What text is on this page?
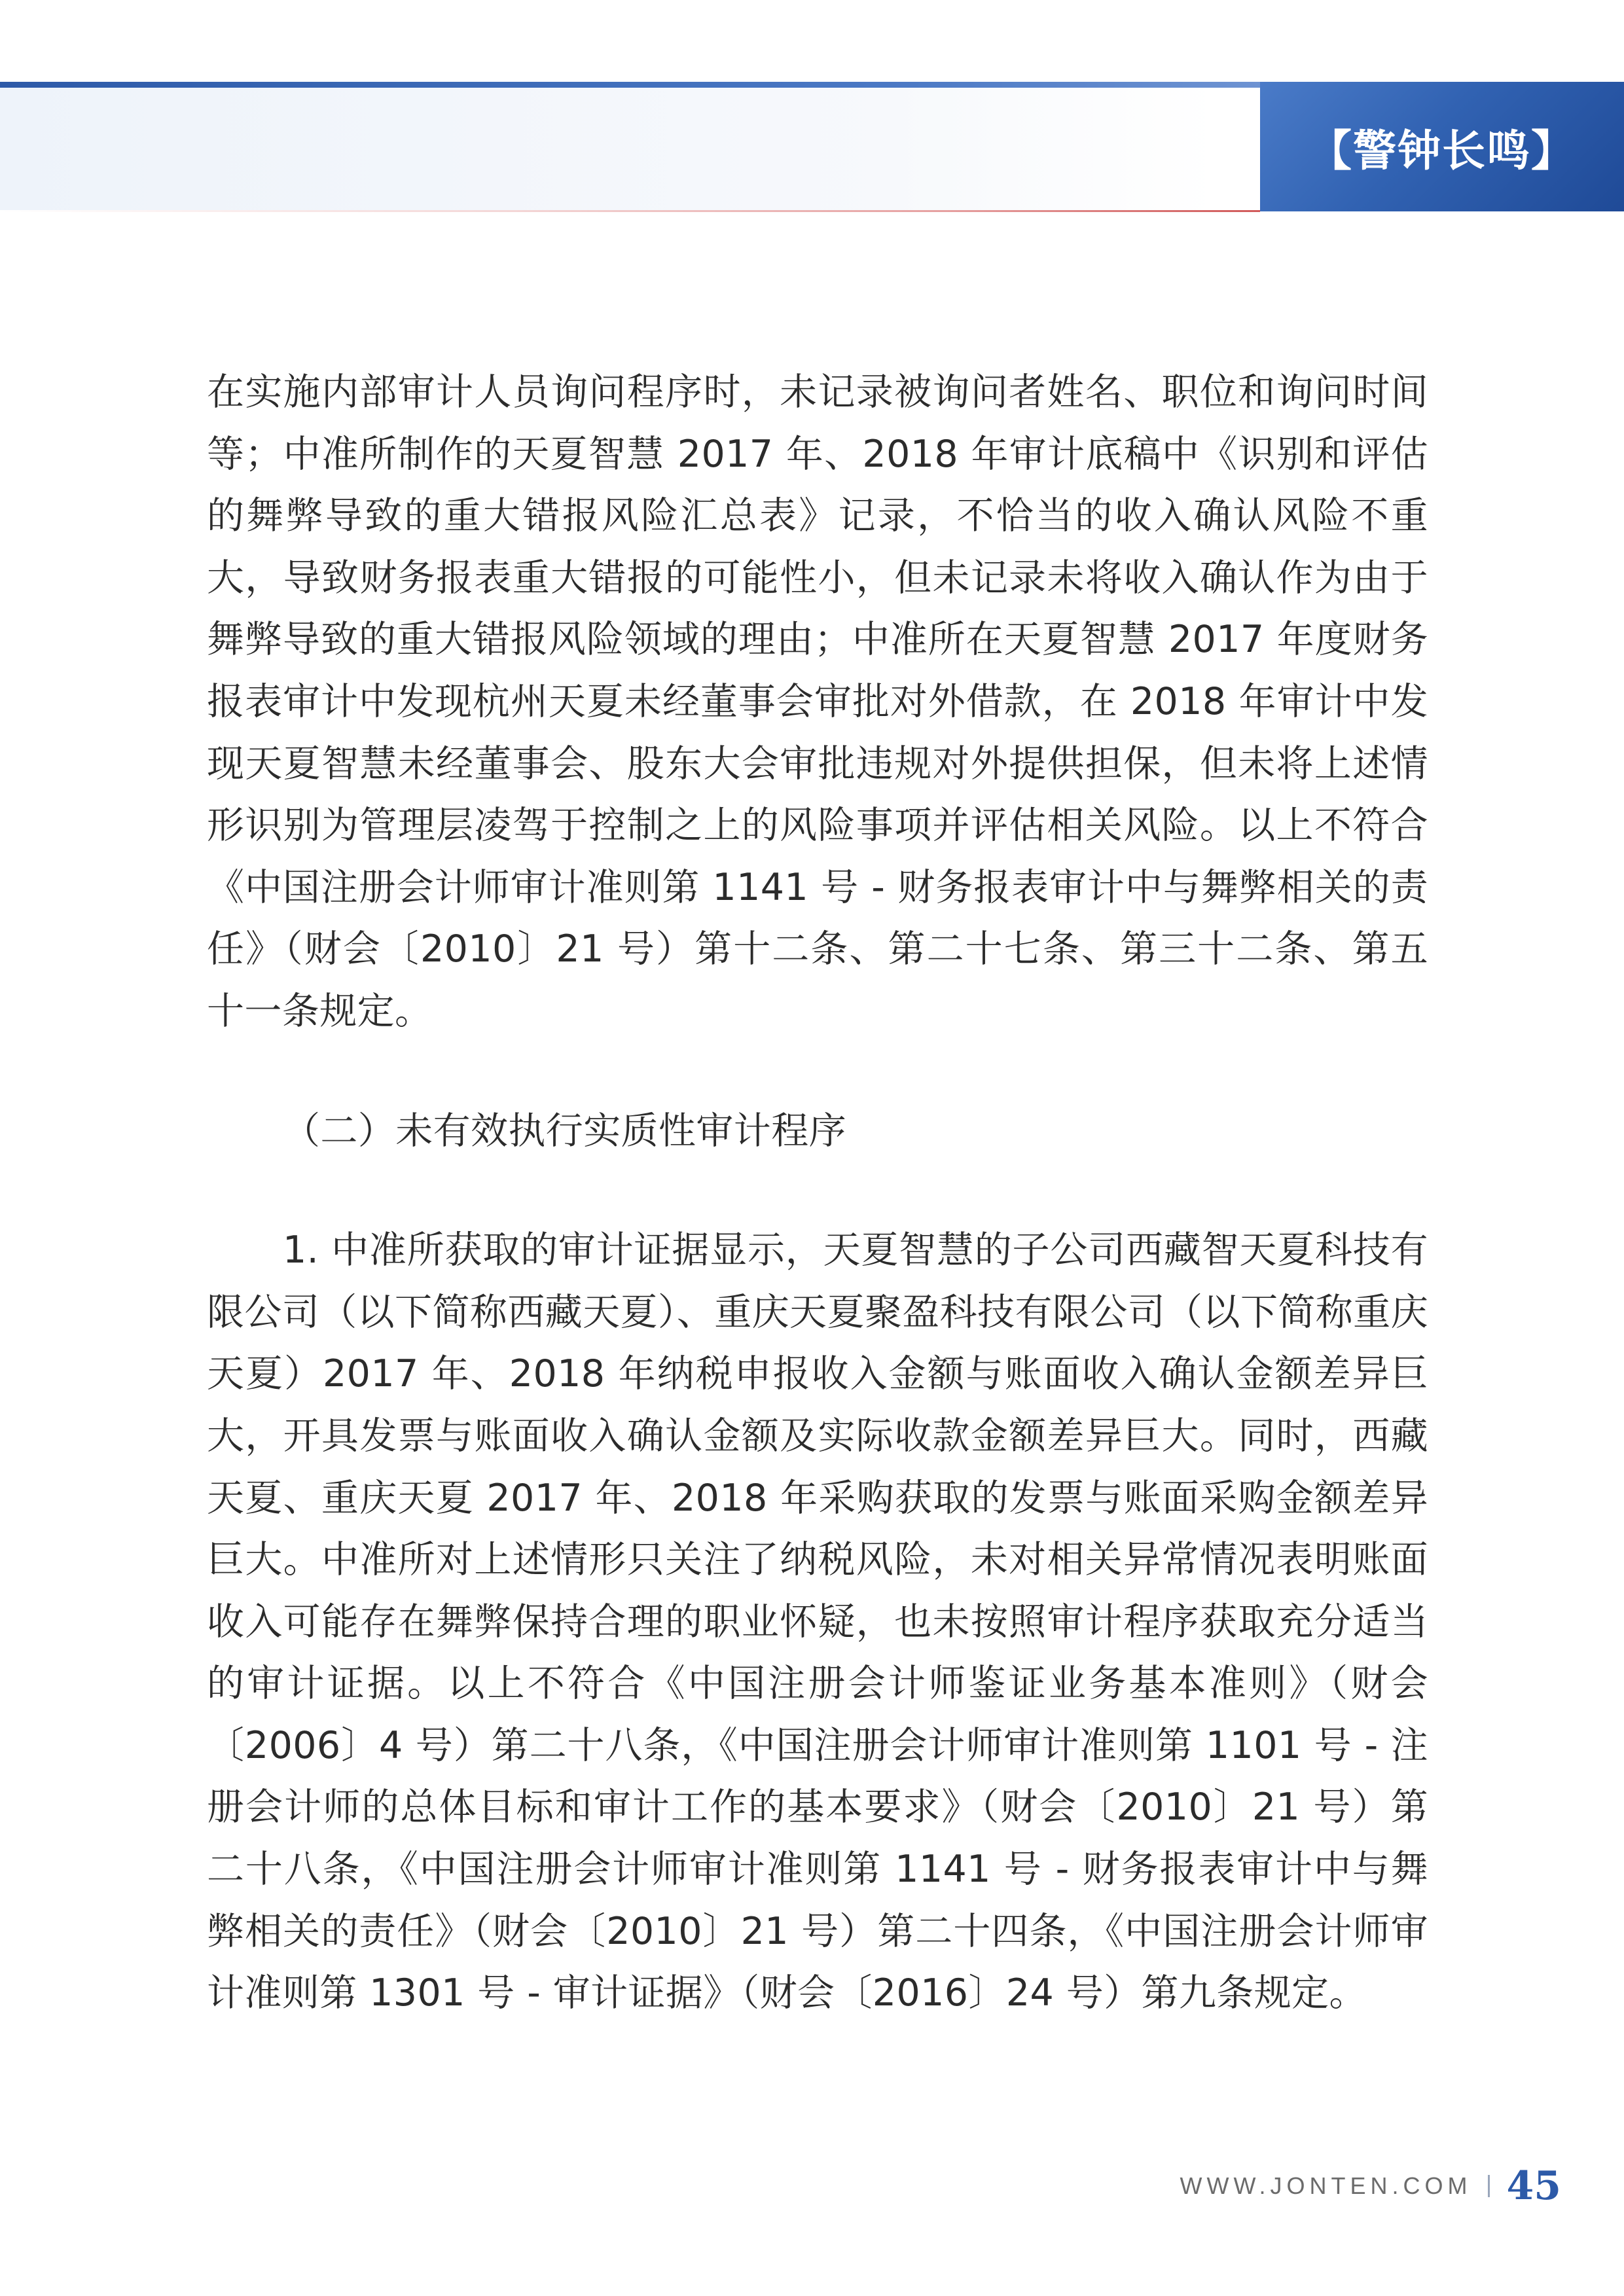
【警钟长鸣】

在实施内部审计人员询问程序时，未记录被询问者姓名、职位和询问时间等；中准所制作的天夏智慧 2017 年、2018 年审计底稿中《识别和评估的舞弊导致的重大错报风险汇总表》记录，不恰当的收入确认风险不重大，导致财务报表重大错报的可能性小，但未记录未将收入确认作为由于舞弊导致的重大错报风险领域的理由；中准所在天夏智慧 2017 年度财务报表审计中发现杭州天夏未经董事会审批对外借款，在 2018 年审计中发现天夏智慧未经董事会、股东大会审批违规对外提供担保，但未将上述情形识别为管理层凌驾于控制之上的风险事项并评估相关风险。以上不符合《中国注册会计师审计准则第 1141 号 - 财务报表审计中与舞弊相关的责任》（财会〔2010〕21 号）第十二条、第二十七条、第三十二条、第五十一条规定。

（二）未有效执行实质性审计程序

1. 中准所获取的审计证据显示，天夏智慧的子公司西藏智天夏科技有限公司（以下简称西藏天夏）、重庆天夏聚盈科技有限公司（以下简称重庆天夏）2017 年、2018 年纳税申报收入金额与账面收入确认金额差异巨大，开具发票与账面收入确认金额及实际收款金额差异巨大。同时，西藏天夏、重庆天夏 2017 年、2018 年采购获取的发票与账面采购金额差异巨大。中准所对上述情形只关注了纳税风险，未对相关异常情况表明账面收入可能存在舞弊保持合理的职业怀疑，也未按照审计程序获取充分适当的审计证据。以上不符合《中国注册会计师鉴证业务基本准则》（财会〔2006〕4 号）第二十八条，《中国注册会计师审计准则第 1101 号 - 注册会计师的总体目标和审计工作的基本要求》（财会〔2010〕21 号）第二十八条，《中国注册会计师审计准则第 1141 号 - 财务报表审计中与舞弊相关的责任》（财会〔2010〕21 号）第二十四条，《中国注册会计师审计准则第 1301 号 - 审计证据》（财会〔2016〕24 号）第九条规定。

WWW.JONTEN.COM 45
